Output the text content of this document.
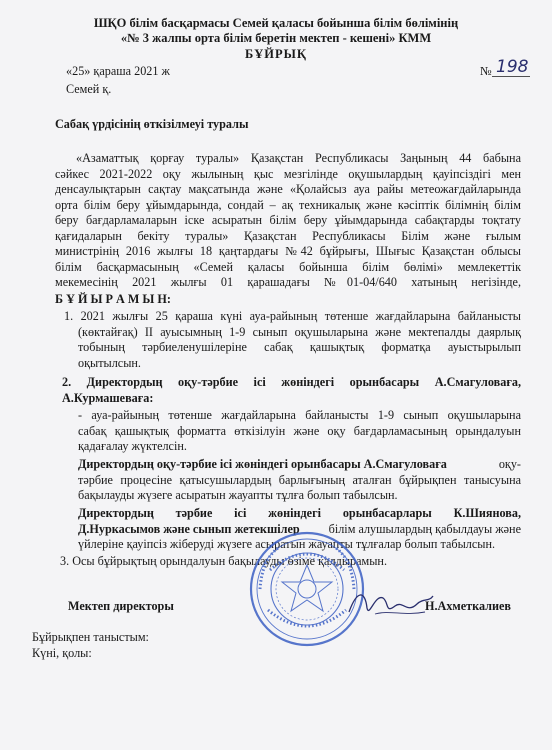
ШҚО білім басқармасы Семей қаласы бойынша білім бөлімінің
«№ 3 жалпы орта білім беретін мектеп - кешені» КММ
БҰЙРЫҚ
«25» қараша 2021 ж	№ 198
Семей қ.
Сабақ үрдісінің өткізілмеуі туралы
«Азаматтық қорғау туралы» Қазақстан Республикасы Заңының 44 бабына
сәйкес 2021-2022 оқу жылының қыс мезгілінде оқушылардың қауіпсіздігі мен
денсаулықтарын сақтау мақсатында және «Қолайсыз ауа райы метеожағдайларында
орта білім беру ұйымдарында, сондай – ақ техникалық және кәсіптік білімнің білім
беру бағдарламаларын іске асыратын білім беру ұйымдарында сабақтарды тоқтату
қағидаларын бекіту туралы» Қазақстан Республикасы Білім және ғылым
министрінің 2016 жылғы 18 қаңтардағы №42 бұйрығы, Шығыс Қазақстан облысы
білім басқармасының «Семей қаласы бойынша білім бөлімі» мемлекеттік
мекемесінің 2021 жылғы 01 қарашадағы №01-04/640 хатының негізінде,
Б Ұ Й Ы Р А М Ы Н:
1. 2021 жылғы 25 қараша күні ауа-райының төтенше жағдайларына байланысты
(көктайғақ) ІІ ауысымның 1-9 сынып оқушыларына және мектепалды даярлық
тобының тәрбиеленушілеріне сабақ қашықтық форматқа ауыстырылып
оқытылсын.
2. Директордың оқу-тәрбие ісі жөніндегі орынбасары А.Смагуловаға,
А.Курмашеваға:
- ауа-райының төтенше жағдайларына байланысты 1-9 сынып оқушыларына
сабақ қашықтық форматта өткізілуін және оқу бағдарламасының орындалуын
қадағалау жүктелсін.
Директордың оқу-тәрбие ісі жөніндегі орынбасары А.Смагуловаға	оқу-
тәрбие процесіне қатысушылардың барлығының аталған бұйрықпен танысуына
бақылауды жүзеге асыратын жауапты тұлға болып табылсын.
Директордың тәрбие ісі жөніндегі орынбасарлары К.Шиянова,
Д.Нуркасымов және сынып жетекшілер білім алушылардың қабылдауы және
үйлеріне қауіпсіз жіберуді жүзеге асыратын жауапты тұлғалар болып табылсын.
3. Осы бұйрықтың орындалуын бақылауды өзіме қалдырамын.
Мектеп директоры	Н.Ахметкалиев
Бұйрықпен таныстым:
Күні, қолы:
